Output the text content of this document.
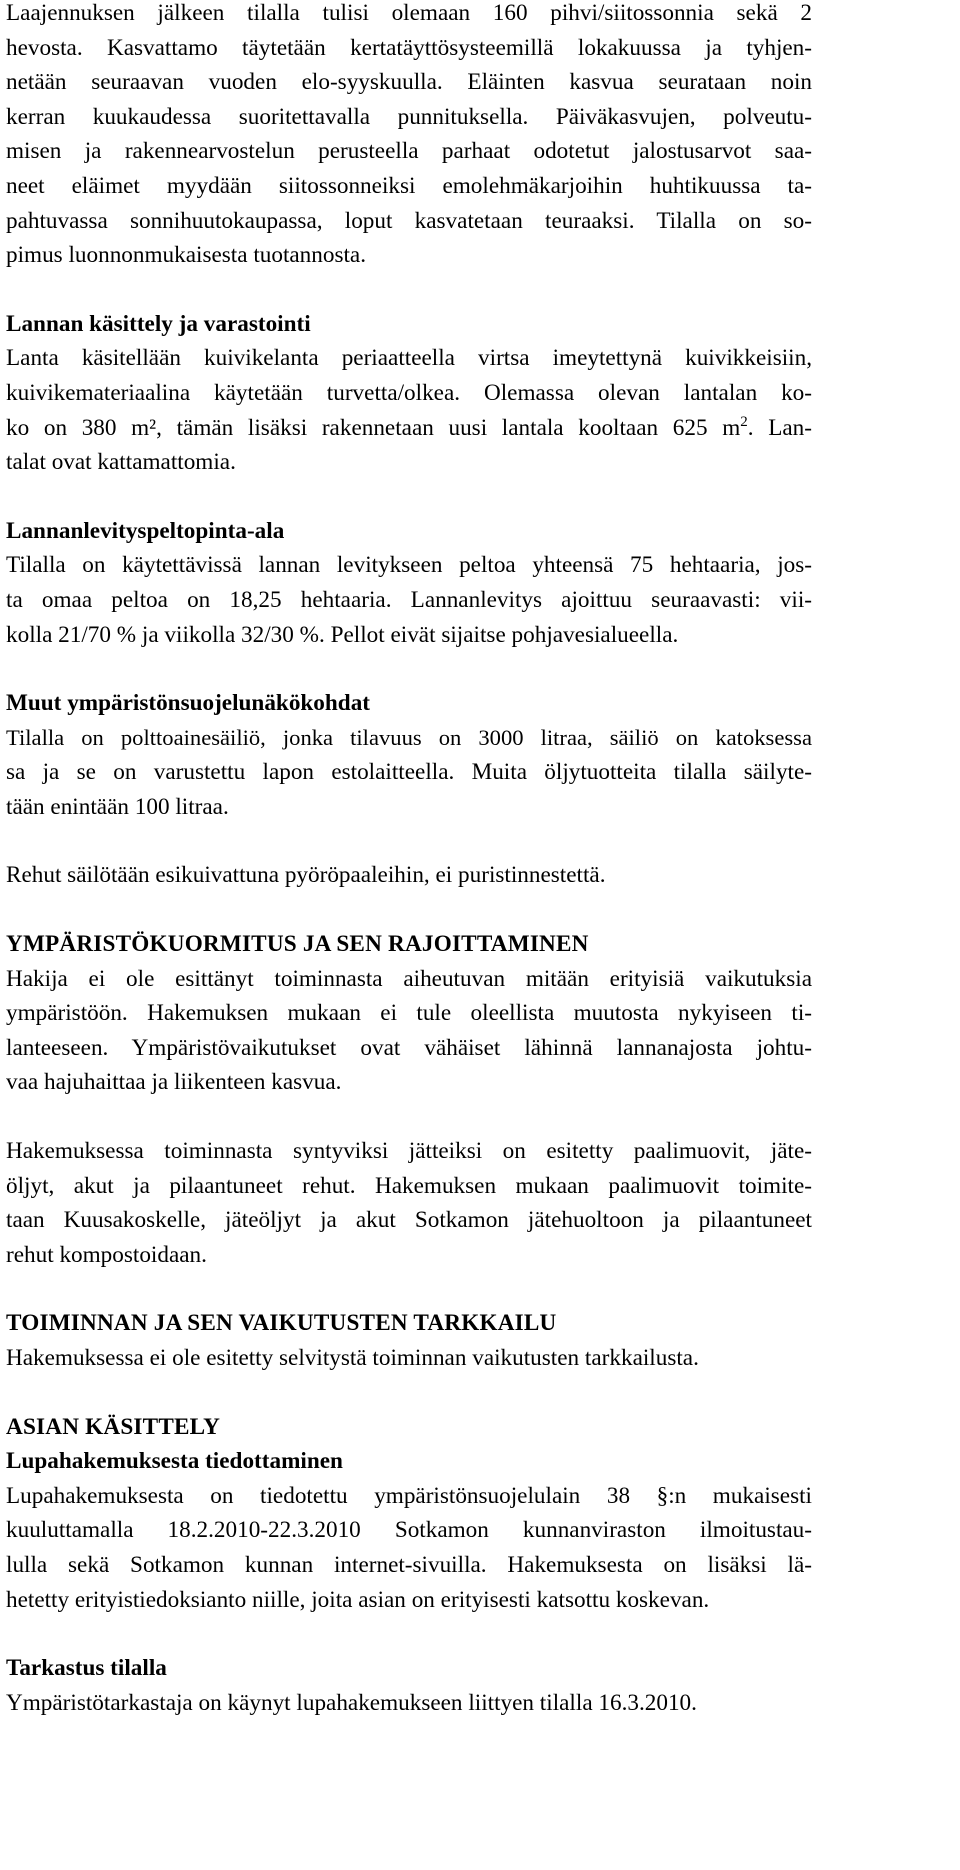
Laajennuksen jälkeen tilalla tulisi olemaan 160 pihvi/siitossonnia sekä 2
hevosta. Kasvattamo täytetään kertatäyttösysteemillä lokakuussa ja tyhjen-
netään seuraavan vuoden elo-syyskuulla. Eläinten kasvua seurataan noin
kerran kuukaudessa suoritettavalla punnituksella. Päiväkasvujen, polveutu-
misen ja rakennearvostelun perusteella parhaat odotetut jalostusarvot saa-
neet eläimet myydään siitossonneiksi emolehmäkarjoihin huhtikuussa ta-
pahtuvassa sonnihuutokaupassa, loput kasvatetaan teuraaksi. Tilalla on so-
pimus luonnonmukaisesta tuotannosta.

Lannan käsittely ja varastointi

Lanta käsitellään kuivikelanta periaatteella virtsa imeytettynä kuivikkeisiin,
kuivikemateriaalina käytetään turvetta/olkea. Olemassa olevan lantalan ko-
ko on 380 m², tämän lisäksi rakennetaan uusi lantala kooltaan 625 $m^2$. Lan-
talat ovat kattamattomia.

Lannanlevityspeltopinta-ala

Tilalla on käytettävissä lannan levitykseen peltoa yhteensä 75 hehtaaria, jos-
ta omaa peltoa on 18,25 hehtaaria. Lannanlevitys ajoittuu seuraavasti: vii-
kolla 21/70 % ja viikolla 32/30 %. Pellot eivät sijaitse pohjavesialueella.

Muut ympäristönsuojelunäkökohdat

Tilalla on polttoainesäiliö, jonka tilavuus on 3000 litraa, säiliö on katoksessa
sa ja se on varustettu lapon estolaitteella. Muita öljytuotteita tilalla säilyte-
tään enintään 100 litraa.

Rehut säilötään esikuivattuna pyöröpaaleihin, ei puristinnestettä.

YMPÄRISTÖKUORMITUS JA SEN RAJOITTAMINEN

Hakija ei ole esittänyt toiminnasta aiheutuvan mitään erityisiä vaikutuksia
ympäristöön. Hakemuksen mukaan ei tule oleellista muutosta nykyiseen ti-
lanteeseen. Ympäristövaikutukset ovat vähäiset lähinnä lannanajosta johtu-
vaa hajuhaittaa ja liikenteen kasvua.

Hakemuksessa toiminnasta syntyviksi jätteiksi on esitetty paalimuovit, jäte-
öljyt, akut ja pilaantuneet rehut. Hakemuksen mukaan paalimuovit toimite-
taan Kuusakoskelle, jäteöljyt ja akut Sotkamon jätehuoltoon ja pilaantuneet
rehut kompostoidaan.

TOIMINNAN JA SEN VAIKUTUSTEN TARKKAILU

Hakemuksessa ei ole esitetty selvitystä toiminnan vaikutusten tarkkailusta.

ASIAN KÄSITTELY
Lupahakemuksesta tiedottaminen

Lupahakemuksesta on tiedotettu ympäristönsuojelulain 38 §:n mukaisesti
kuuluttamalla 18.2.2010-22.3.2010 Sotkamon kunnanviraston ilmoitustau-
lulla sekä Sotkamon kunnan internet-sivuilla. Hakemuksesta on lisäksi lä-
hetetty erityistiedoksianto niille, joita asian on erityisesti katsottu koskevan.

Tarkastus tilalla

Ympäristötarkastaja on käynyt lupahakemukseen liittyen tilalla 16.3.2010.
